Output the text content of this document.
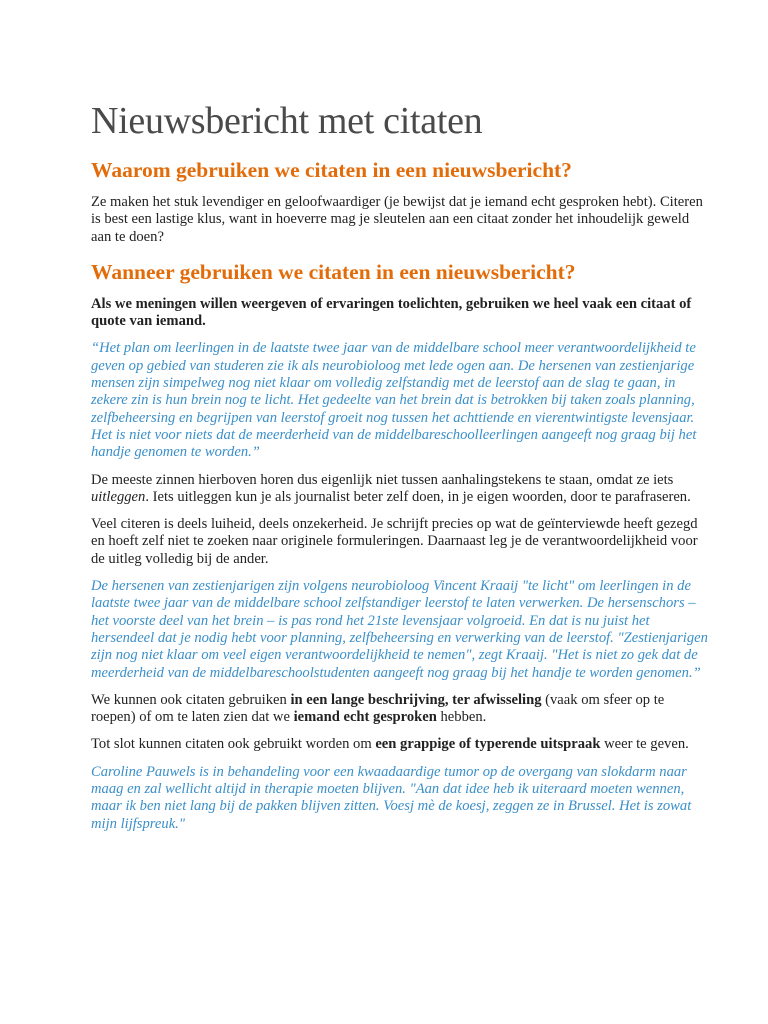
Nieuwsbericht met citaten
Waarom gebruiken we citaten in een nieuwsbericht?

Ze maken het stuk levendiger en geloofwaardiger (je bewijst dat je iemand echt gesproken hebt). Citeren is best een lastige klus, want in hoeverre mag je sleutelen aan een citaat zonder het inhoudelijk geweld aan te doen?

Wanneer gebruiken we citaten in een nieuwsbericht?

Als we meningen willen weergeven of ervaringen toelichten, gebruiken we heel vaak een citaat of quote van iemand.

“Het plan om leerlingen in de laatste twee jaar van de middelbare school meer verantwoordelijkheid te geven op gebied van studeren zie ik als neurobioloog met lede ogen aan. De hersenen van zestienjarige mensen zijn simpelweg nog niet klaar om volledig zelfstandig met de leerstof aan de slag te gaan, in zekere zin is hun brein nog te licht. Het gedeelte van het brein dat is betrokken bij taken zoals planning, zelfbeheersing en begrijpen van leerstof groeit nog tussen het achttiende en vierentwintigste levensjaar. Het is niet voor niets dat de meerderheid van de middelbareschoolleerlingen aangeeft nog graag bij het handje genomen te worden.”

De meeste zinnen hierboven horen dus eigenlijk niet tussen aanhalingstekens te staan, omdat ze iets uitleggen. Iets uitleggen kun je als journalist beter zelf doen, in je eigen woorden, door te parafraseren.

Veel citeren is deels luiheid, deels onzekerheid. Je schrijft precies op wat de geïnterviewde heeft gezegd en hoeft zelf niet te zoeken naar originele formuleringen. Daarnaast leg je de verantwoordelijkheid voor de uitleg volledig bij de ander.

De hersenen van zestienjarigen zijn volgens neurobioloog Vincent Kraaij "te licht" om leerlingen in de laatste twee jaar van de middelbare school zelfstandiger leerstof te laten verwerken. De hersenschors – het voorste deel van het brein – is pas rond het 21ste levensjaar volgroeid. En dat is nu juist het hersendeel dat je nodig hebt voor planning, zelfbeheersing en verwerking van de leerstof. "Zestienjarigen zijn nog niet klaar om veel eigen verantwoordelijkheid te nemen", zegt Kraaij. "Het is niet zo gek dat de meerderheid van de middelbareschoolstudenten aangeeft nog graag bij het handje te worden genomen.”

We kunnen ook citaten gebruiken in een lange beschrijving, ter afwisseling (vaak om sfeer op te roepen) of om te laten zien dat we iemand echt gesproken hebben.

Tot slot kunnen citaten ook gebruikt worden om een grappige of typerende uitspraak weer te geven.

Caroline Pauwels is in behandeling voor een kwaadaardige tumor op de overgang van slokdarm naar maag en zal wellicht altijd in therapie moeten blijven. "Aan dat idee heb ik uiteraard moeten wennen, maar ik ben niet lang bij de pakken blijven zitten. Voesj mè de koesj, zeggen ze in Brussel. Het is zowat mijn lijfspreuk."
